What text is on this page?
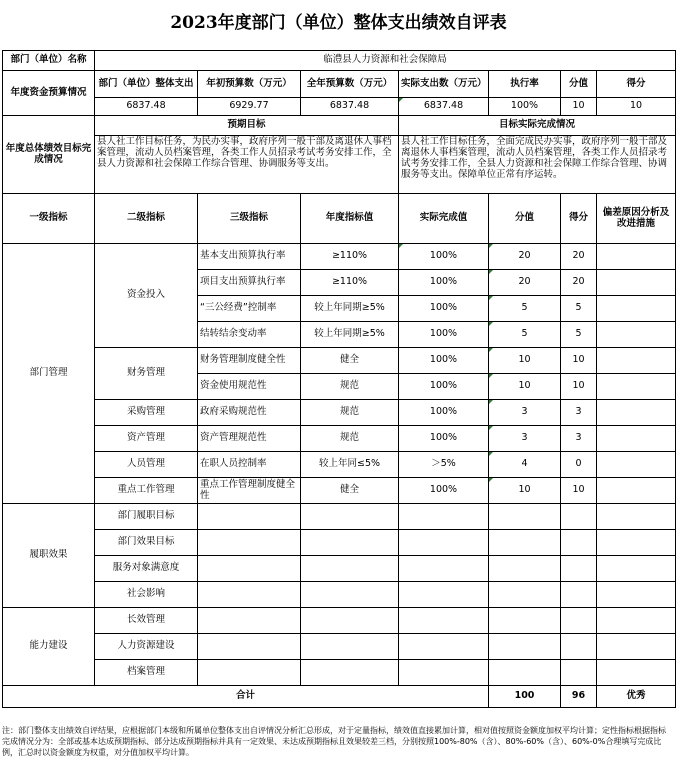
2023年度部门（单位）整体支出绩效自评表
部门（单位）名称	临澧县人力资源和社会保障局						
年度资金预算情况	部门（单位）整体支出	年初预算数（万元）	全年预算数（万元）	实际支出数（万元）	执行率	分值	得分
	6837.48	6929.77	6837.48	6837.48	100%	10	10
年度总体绩效目标完成情况	预期目标			目标实际完成情况			
	县人社工作目标任务，为民办实事，政府序列一般干部及离退休人事档案管理，流动人员档案管理，各类工作人员招录考试考务安排工作，全县人力资源和社会保障工作综合管理、协调服务等支出。			县人社工作目标任务，全面完成民办实事，政府序列一般干部及离退休人事档案管理，流动人员档案管理，各类工作人员招录考试考务安排工作，全县人力资源和社会保障工作综合管理、协调服务等支出。保障单位正常有序运转。			
一级指标	二级指标	三级指标	年度指标值	实际完成值	分值	得分	偏差原因分析及改进措施
部门管理	资金投入	基本支出预算执行率	≥110%	100%	20	20	
		项目支出预算执行率	≥110%	100%	20	20	
		“三公经费”控制率	较上年同期≥5%	100%	5	5	
		结转结余变动率	较上年同期≥5%	100%	5	5	
	财务管理	财务管理制度健全性	健全	100%	10	10	
		资金使用规范性	规范	100%	10	10	
	采购管理	政府采购规范性	规范	100%	3	3	
	资产管理	资产管理规范性	规范	100%	3	3	
	人员管理	在职人员控制率	较上年同≤5%	＞5%	4	0	
	重点工作管理	重点工作管理制度健全性	健全	100%	10	10	
履职效果	部门履职目标						
	部门效果目标						
	服务对象满意度						
	社会影响						
能力建设	长效管理						
	人力资源建设						
	档案管理						
合计					100	96	优秀
注：部门整体支出绩效自评结果，应根据部门本级和所属单位整体支出自评情况分析汇总形成，对于定量指标，绩效值直接累加计算，相对值按照资金额度加权平均计算；定性指标根据指标完成情况分为：全部或基本达成预期指标、部分达成预期指标并具有一定效果、未达成预期指标且效果较差三档，分别按照100%-80%（含）、80%-60%（含）、60%-0%合理填写完成比例，汇总时以资金额度为权重，对分值加权平均计算。
